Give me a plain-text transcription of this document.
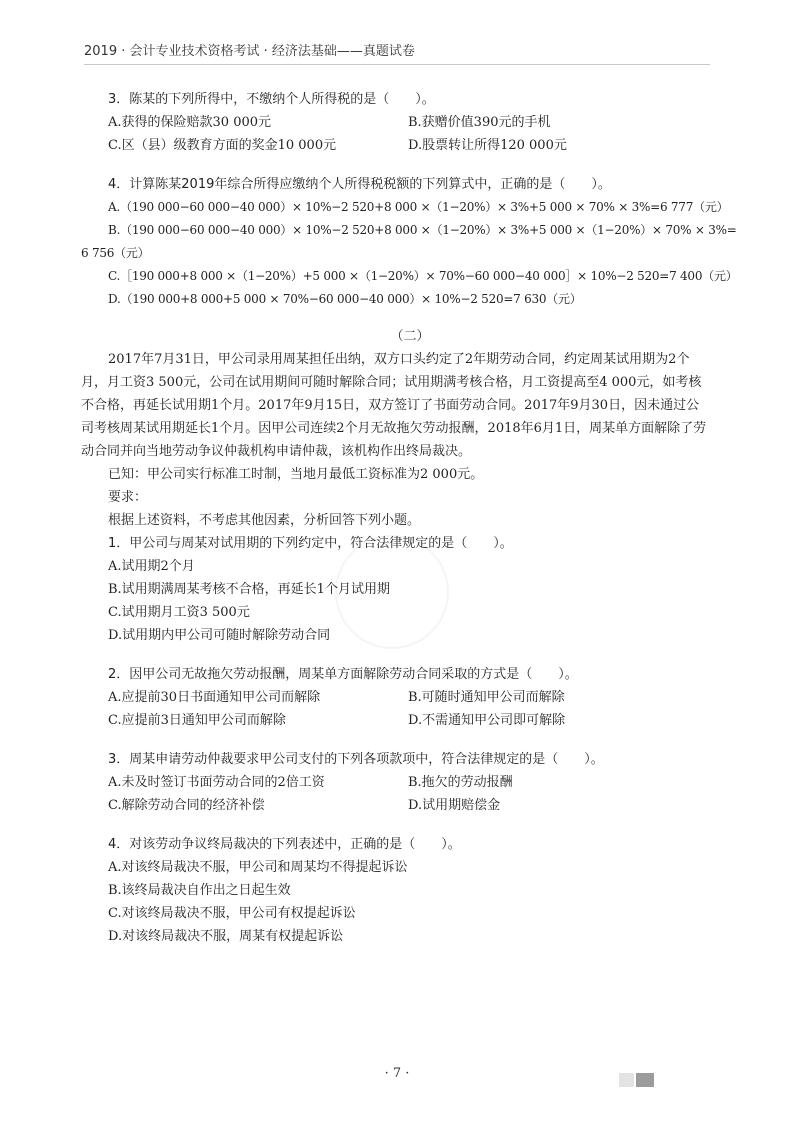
2019 · 会计专业技术资格考试 · 经济法基础——真题试卷

3．陈某的下列所得中，不缴纳个人所得税的是（　　）。

A.获得的保险赔款30 000元	B.获赠价值390元的手机
C.区（县）级教育方面的奖金10 000元	D.股票转让所得120 000元

4．计算陈某2019年综合所得应缴纳个人所得税税额的下列算式中，正确的是（　　）。

A.（190 000−60 000−40 000）× 10%−2 520+8 000 ×（1−20%）× 3%+5 000 × 70% × 3%=6 777（元）
B.（190 000−60 000−40 000）× 10%−2 520+8 000 ×（1−20%）× 3%+5 000 ×（1−20%）× 70% × 3%=
6 756（元）
C.［190 000+8 000 ×（1−20%）+5 000 ×（1−20%）× 70%−60 000−40 000］× 10%−2 520=7 400（元）
D.（190 000+8 000+5 000 × 70%−60 000−40 000）× 10%−2 520=7 630（元）
（二）

2017年7月31日，甲公司录用周某担任出纳，双方口头约定了2年期劳动合同，约定周某试用期为2个月，月工资3 500元，公司在试用期间可随时解除合同；试用期满考核合格，月工资提高至4 000元，如考核不合格，再延长试用期1个月。2017年9月15日，双方签订了书面劳动合同。2017年9月30日，因未通过公司考核周某试用期延长1个月。因甲公司连续2个月无故拖欠劳动报酬，2018年6月1日，周某单方面解除了劳动合同并向当地劳动争议仲裁机构申请仲裁，该机构作出终局裁决。

已知：甲公司实行标准工时制，当地月最低工资标准为2 000元。

要求：

根据上述资料，不考虑其他因素，分析回答下列小题。

1．甲公司与周某对试用期的下列约定中，符合法律规定的是（　　）。

A.试用期2个月
B.试用期满周某考核不合格，再延长1个月试用期
C.试用期月工资3 500元
D.试用期内甲公司可随时解除劳动合同

2．因甲公司无故拖欠劳动报酬，周某单方面解除劳动合同采取的方式是（　　）。

A.应提前30日书面通知甲公司而解除	B.可随时通知甲公司而解除
C.应提前3日通知甲公司而解除	D.不需通知甲公司即可解除

3．周某申请劳动仲裁要求甲公司支付的下列各项款项中，符合法律规定的是（　　）。

A.未及时签订书面劳动合同的2倍工资	B.拖欠的劳动报酬
C.解除劳动合同的经济补偿	D.试用期赔偿金

4．对该劳动争议终局裁决的下列表述中，正确的是（　　）。

A.对该终局裁决不服，甲公司和周某均不得提起诉讼
B.该终局裁决自作出之日起生效
C.对该终局裁决不服，甲公司有权提起诉讼
D.对该终局裁决不服，周某有权提起诉讼
· 7 ·
